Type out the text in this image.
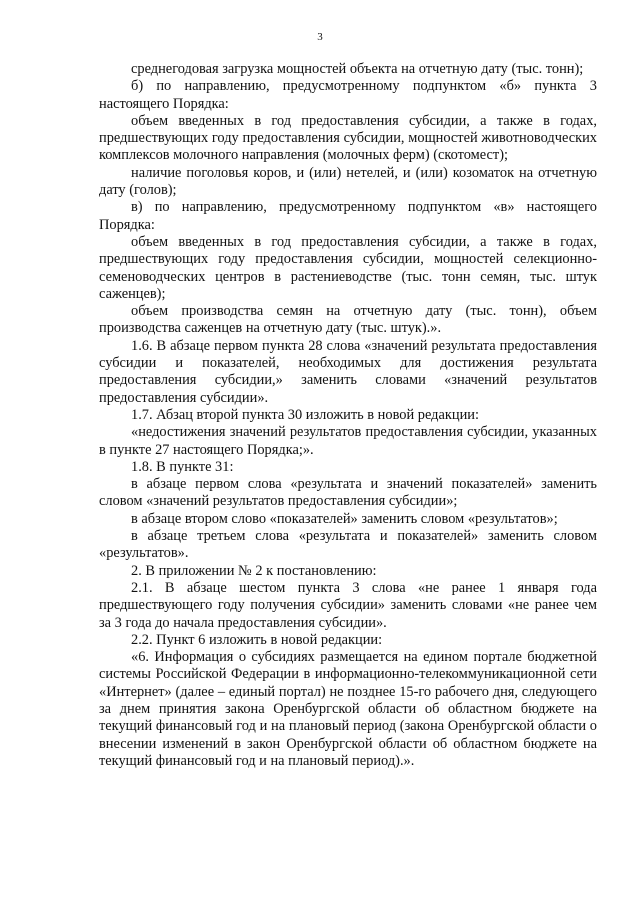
3

среднегодовая загрузка мощностей объекта на отчетную дату (тыс. тонн);

б) по направлению, предусмотренному подпунктом «б» пункта 3 настоящего Порядка:

объем введенных в год предоставления субсидии, а также в годах, предшествующих году предоставления субсидии, мощностей животноводческих комплексов молочного направления (молочных ферм) (скотомест);

наличие поголовья коров, и (или) нетелей, и (или) козоматок на отчетную дату (голов);

в) по направлению, предусмотренному подпунктом «в» настоящего Порядка:

объем введенных в год предоставления субсидии, а также в годах, предшествующих году предоставления субсидии, мощностей селекционно-семеноводческих центров в растениеводстве (тыс. тонн семян, тыс. штук саженцев);

объем производства семян на отчетную дату (тыс. тонн), объем производства саженцев на отчетную дату (тыс. штук).».

1.6. В абзаце первом пункта 28 слова «значений результата предоставления субсидии и показателей, необходимых для достижения результата предоставления субсидии,» заменить словами «значений результатов предоставления субсидии».

1.7. Абзац второй пункта 30 изложить в новой редакции:

«недостижения значений результатов предоставления субсидии, указанных в пункте 27 настоящего Порядка;».

1.8. В пункте 31:

в абзаце первом слова «результата и значений показателей» заменить словом «значений результатов предоставления субсидии»;

в абзаце втором слово «показателей» заменить словом «результатов»;

в абзаце третьем слова «результата и показателей» заменить словом «результатов».

2. В приложении № 2 к постановлению:

2.1. В абзаце шестом пункта 3 слова «не ранее 1 января года предшествующего году получения субсидии» заменить словами «не ранее чем за 3 года до начала предоставления субсидии».

2.2. Пункт 6 изложить в новой редакции:

«6. Информация о субсидиях размещается на едином портале бюджетной системы Российской Федерации в информационно-телекоммуникационной сети «Интернет» (далее – единый портал) не позднее 15-го рабочего дня, следующего за днем принятия закона Оренбургской области об областном бюджете на текущий финансовый год и на плановый период (закона Оренбургской области о внесении изменений в закон Оренбургской области об областном бюджете на текущий финансовый год и на плановый период).».
